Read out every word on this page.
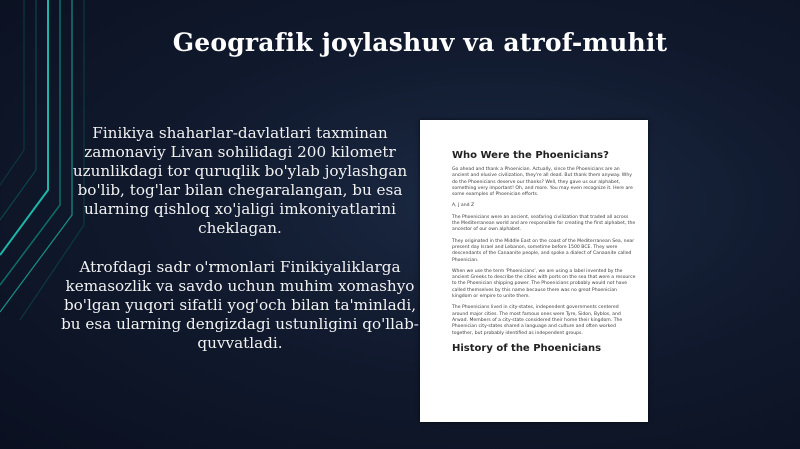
Geografik joylashuv va atrof-muhit

Finikiya shaharlar-davlatlari taxminan zamonaviy Livan sohilidagi 200 kilometr uzunlikdagi tor quruqlik bo'ylab joylashgan bo'lib, tog'lar bilan chegaralangan, bu esa ularning qishloq xo'jaligi imkoniyatlarini cheklagan.

Atrofdagi sadr o'rmonlari Finikiyaliklarga kemasozlik va savdo uchun muhim xomashyo bo'lgan yuqori sifatli yog'och bilan ta'minladi, bu esa ularning dengizdagi ustunligini qo'llab-quvvatladi.

Who Were the Phoenicians?
Go ahead and thank a Phoenician. Actually, since the Phoenicians are an ancient and elusive civilization, they're all dead. But thank them anyway. Why do the Phoenicians deserve our thanks? Well, they gave us our alphabet, something very important! Oh, and more. You may even recognize it. Here are some examples of Phoenician efforts.
A, J and Z
The Phoenicians were an ancient, seafaring civilization that traded all across the Mediterranean world and are responsible for creating the first alphabet, the ancestor of our own alphabet.
They originated in the Middle East on the coast of the Mediterranean Sea, near present day Israel and Lebanon, sometime before 1500 BCE. They were descendants of the Canaanite people, and spoke a dialect of Canaanite called Phoenician.
When we use the term 'Phoenicians', we are using a label invented by the ancient Greeks to describe the cities with ports on the sea that were a resource to the Phoenician shipping power. The Phoenicians probably would not have called themselves by this name because there was no great Phoenician kingdom or empire to unite them.
The Phoenicians lived in city-states, independent governments centered around major cities. The most famous ones were Tyre, Sidon, Byblos, and Arwad. Members of a city-state considered their home their kingdom. The Phoenician city-states shared a language and culture and often worked together, but probably identified as independent groups.
History of the Phoenicians
